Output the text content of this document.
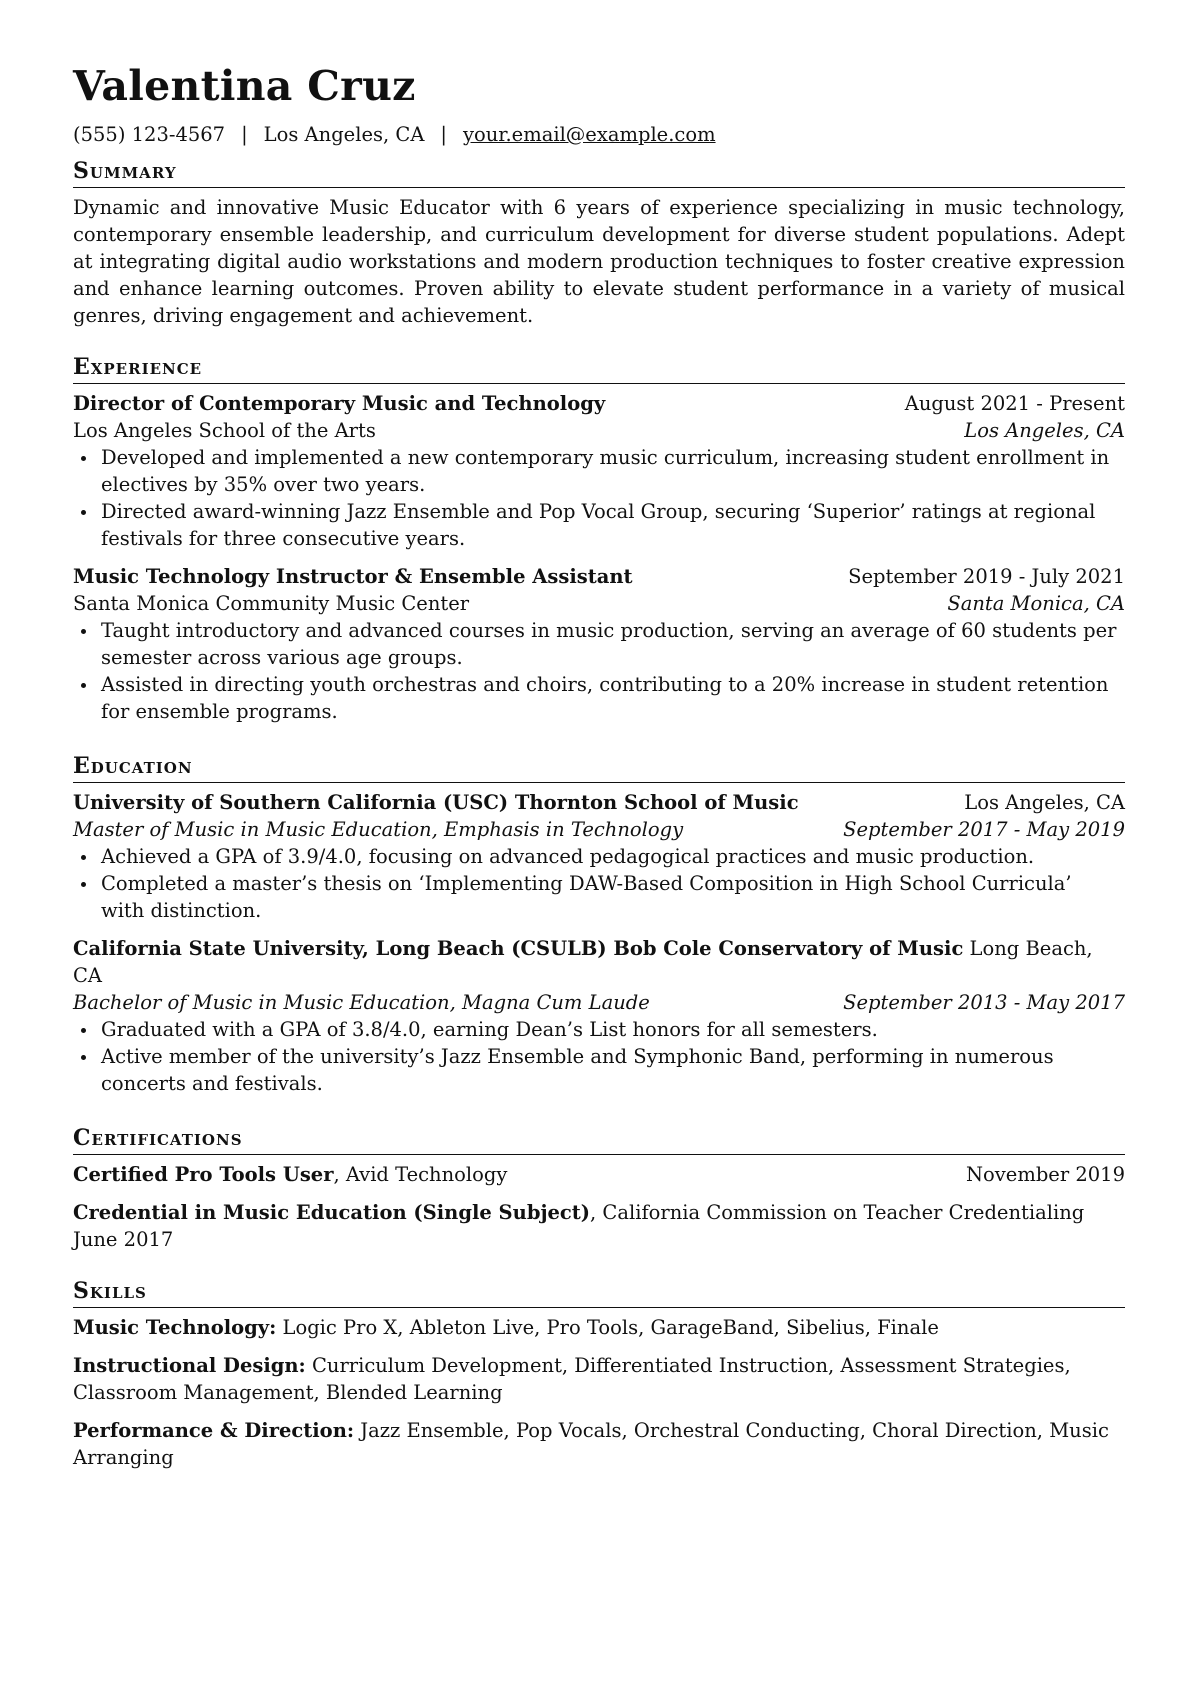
Valentina Cruz
(555) 123-4567 | Los Angeles, CA | your.email@example.com
Summary

Dynamic and innovative Music Educator with 6 years of experience specializing in music technology, contemporary ensemble leadership, and curriculum development for diverse student populations. Adept at integrating digital audio workstations and modern production techniques to foster creative expression and enhance learning outcomes. Proven ability to elevate student performance in a variety of musical genres, driving engagement and achievement.

Experience
Director of Contemporary Music and Technology	August 2021 - Present
Los Angeles School of the Arts	Los Angeles, CA
Developed and implemented a new contemporary music curriculum, increasing student enrollment in electives by 35% over two years.
Directed award-winning Jazz Ensemble and Pop Vocal Group, securing ‘Superior’ ratings at regional festivals for three consecutive years.
Music Technology Instructor & Ensemble Assistant	September 2019 - July 2021
Santa Monica Community Music Center	Santa Monica, CA
Taught introductory and advanced courses in music production, serving an average of 60 students per semester across various age groups.
Assisted in directing youth orchestras and choirs, contributing to a 20% increase in student retention for ensemble programs.
Education
University of Southern California (USC) Thornton School of Music	Los Angeles, CA
Master of Music in Music Education, Emphasis in Technology	September 2017 - May 2019
Achieved a GPA of 3.9/4.0, focusing on advanced pedagogical practices and music production.
Completed a master’s thesis on ‘Implementing DAW-Based Composition in High School Curricula’ with distinction.
California State University, Long Beach (CSULB) Bob Cole Conservatory of Music Long Beach, CA
Bachelor of Music in Music Education, Magna Cum Laude	September 2013 - May 2017
Graduated with a GPA of 3.8/4.0, earning Dean’s List honors for all semesters.
Active member of the university’s Jazz Ensemble and Symphonic Band, performing in numerous concerts and festivals.
Certifications
Certified Pro Tools User, Avid Technology	November 2019
Credential in Music Education (Single Subject), California Commission on Teacher Credentialing
June 2017
Skills
Music Technology: Logic Pro X, Ableton Live, Pro Tools, GarageBand, Sibelius, Finale
Instructional Design: Curriculum Development, Differentiated Instruction, Assessment Strategies, Classroom Management, Blended Learning
Performance & Direction: Jazz Ensemble, Pop Vocals, Orchestral Conducting, Choral Direction, Music Arranging
